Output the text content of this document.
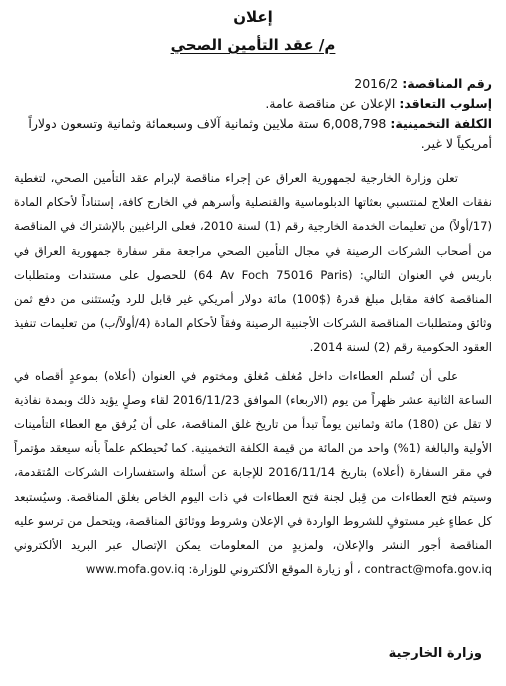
إعلان
م/ عقد التأمين الصحي

رقم المناقصة: 2016/2

إسلوب التعاقد: الإعلان عن مناقصة عامة.

الكلفة التخمينية: 6,008,798 ستة ملايين وثمانية آلاف وسبعمائة وثمانية وتسعون دولاراً أمريكياً لا غير.

تعلن وزارة الخارجية لجمهورية العراق عن إجراء مناقصة لإبرام عقد التأمين الصحي، لتغطية نفقات العلاج لمنتسبي بعثاتها الدبلوماسية والقنصلية وأسرهم في الخارج كافة، إستناداً لأحكام المادة (17/أولاً) من تعليمات الخدمة الخارجية رقم (1) لسنة 2010، فعلى الراغبين بالإشتراك في المناقصة من أصحاب الشركات الرصينة في مجال التأمين الصحي مراجعة مقر سفارة جمهورية العراق في باريس في العنوان التالي: (64 Av Foch 75016 Paris) للحصول على مستندات ومتطلبات المناقصة كافة مقابل مبلغ قدرهُ ($100) مائة دولار أمريكي غير قابل للرد ويُستثنى من دفع ثمن وثائق ومتطلبات المناقصة الشركات الأجنبية الرصينة وفقاً لأحكام المادة (4/أولاً/ب) من تعليمات تنفيذ العقود الحكومية رقم (2) لسنة 2014.

على أن تُسلم العطاءات داخل مُغلف مُغلق ومختوم في العنوان (أعلاه) بموعدٍ أقصاه في الساعة الثانية عشر ظهراً من يوم (الاربعاء) الموافق 2016/11/23 لقاء وصلٍ يؤيد ذلك وبمدة نفاذية لا تقل عن (180) مائة وثمانين يوماً تبدأ من تاريخ غلق المناقصة، على أن يُرفق مع العطاء التأمينات الأولية والبالغة (1%) واحد من المائة من قيمة الكلفة التخمينية. كما نُحيطكم علماً بأنه سيعقد مؤتمراً في مقر السفارة (أعلاه) بتاريخ 2016/11/14 للإجابة عن أسئلة واستفسارات الشركات المُتقدمة، وسيتم فتح العطاءات من قِبل لجنة فتح العطاءات في ذات اليوم الخاص بغلق المناقصة. وسيُستبعد كل عطاءٍ غير مستوفٍ للشروط الواردة في الإعلان وشروط ووثائق المناقصة، ويتحمل من ترسو عليه المناقصة أجور النشر والإعلان، ولمزيدٍ من المعلومات يمكن الإتصال عبر البريد الألكتروني contract@mofa.gov.iq ، أو زيارة الموقع الألكتروني للوزارة: www.mofa.gov.iq

وزارة الخارجية
